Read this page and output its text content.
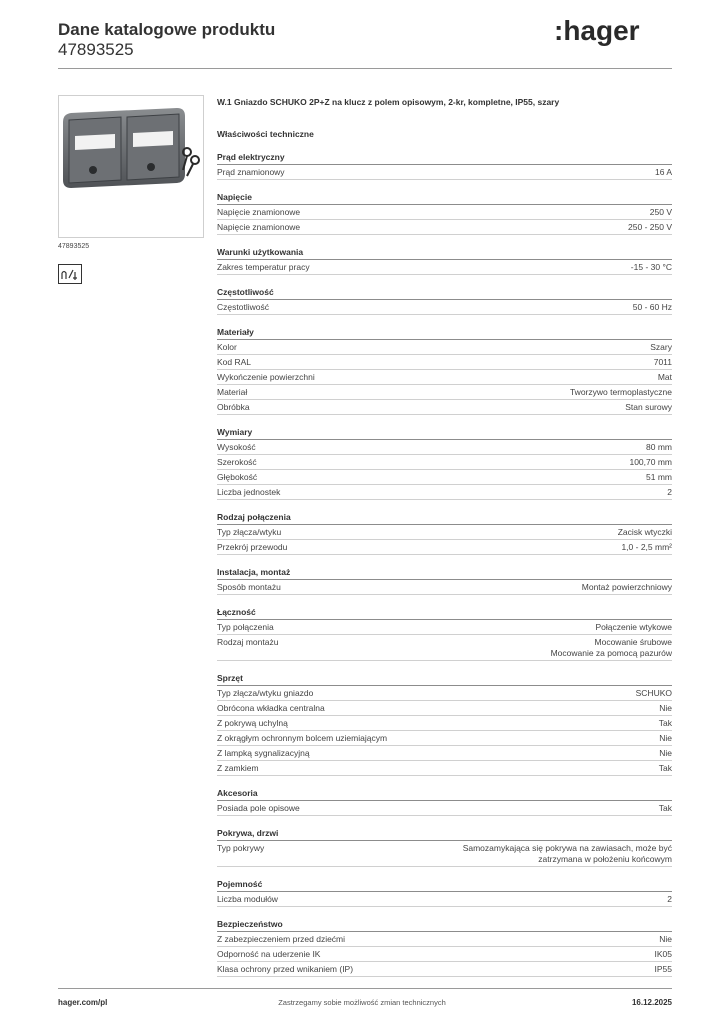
Dane katalogowe produktu
47893525
:hager
47893525
W.1 Gniazdo SCHUKO 2P+Z na klucz z polem opisowym, 2-kr, kompletne, IP55, szary
Właściwości techniczne
Prąd elektryczny
Prąd znamionowy	16 A
Napięcie
Napięcie znamionowe	250 V
Napięcie znamionowe	250 - 250 V
Warunki użytkowania
Zakres temperatur pracy	-15 - 30 °C
Częstotliwość
Częstotliwość	50 - 60 Hz
Materiały
Kolor	Szary
Kod RAL	7011
Wykończenie powierzchni	Mat
Materiał	Tworzywo termoplastyczne
Obróbka	Stan surowy
Wymiary
Wysokość	80 mm
Szerokość	100,70 mm
Głębokość	51 mm
Liczba jednostek	2
Rodzaj połączenia
Typ złącza/wtyku	Zacisk wtyczki
Przekrój przewodu	1,0 - 2,5 mm²
Instalacja, montaż
Sposób montażu	Montaż powierzchniowy
Łączność
Typ połączenia	Połączenie wtykowe
Rodzaj montażu	Mocowanie śrubowe
Mocowanie za pomocą pazurów
Sprzęt
Typ złącza/wtyku gniazdo	SCHUKO
Obrócona wkładka centralna	Nie
Z pokrywą uchylną	Tak
Z okrągłym ochronnym bolcem uziemiającym	Nie
Z lampką sygnalizacyjną	Nie
Z zamkiem	Tak
Akcesoria
Posiada pole opisowe	Tak
Pokrywa, drzwi
Typ pokrywy	Samozamykająca się pokrywa na zawiasach, może być
zatrzymana w położeniu końcowym
Pojemność
Liczba modułów	2
Bezpieczeństwo
Z zabezpieczeniem przed dziećmi	Nie
Odporność na uderzenie IK	IK05
Klasa ochrony przed wnikaniem (IP)	IP55
hager.com/pl	Zastrzegamy sobie możliwość zmian technicznych	16.12.2025
